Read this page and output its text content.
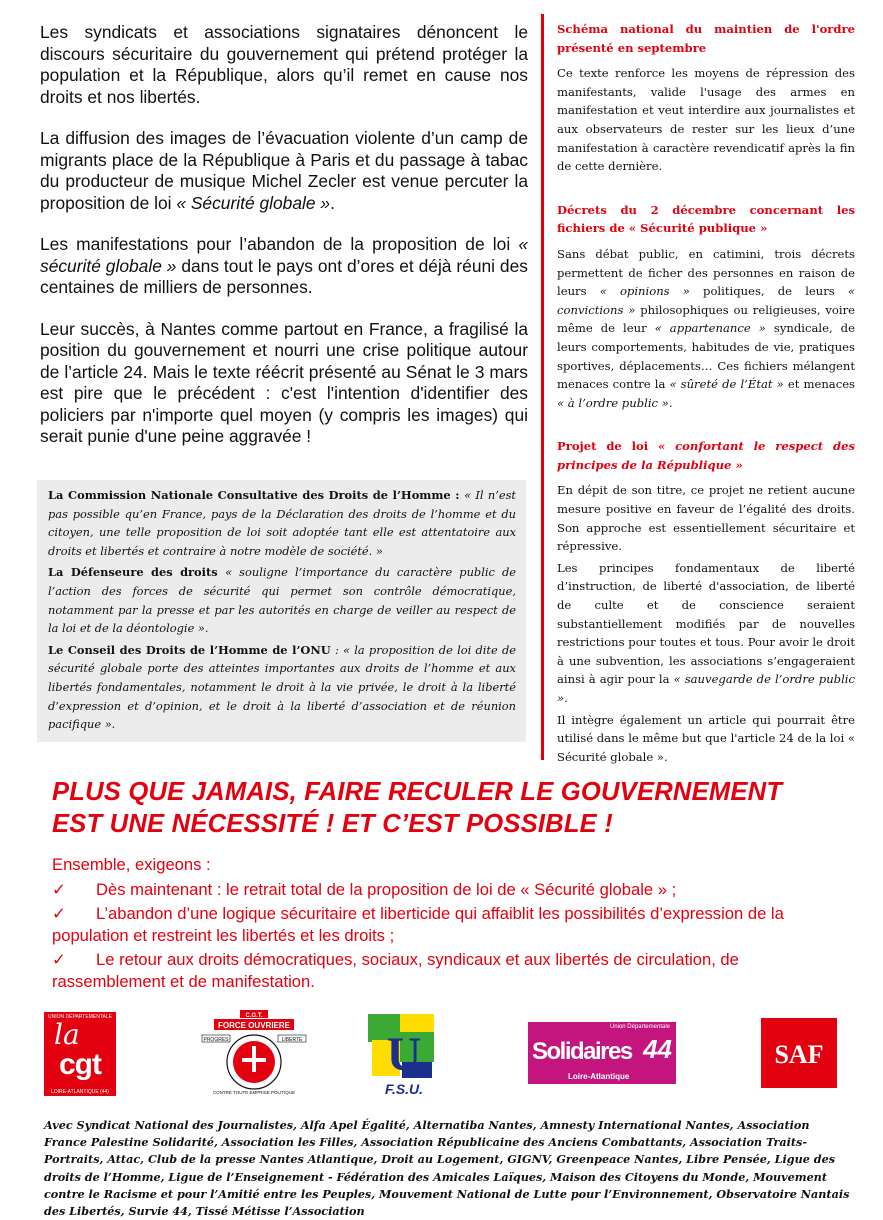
Les syndicats et associations signataires dénoncent le discours sécuritaire du gouvernement qui prétend protéger la population et la République, alors qu’il remet en cause nos droits et nos libertés.

La diffusion des images de l’évacuation violente d’un camp de migrants place de la République à Paris et du passage à tabac du producteur de musique Michel Zecler est venue percuter la proposition de loi « Sécurité globale ».

Les manifestations pour l’abandon de la proposition de loi « sécurité globale » dans tout le pays ont d’ores et déjà réuni des centaines de milliers de personnes.

Leur succès, à Nantes comme partout en France, a fragilisé la position du gouvernement et nourri une crise politique autour de l’article 24. Mais le texte réécrit présenté au Sénat le 3 mars est pire que le précédent : c'est l'intention d'identifier des policiers par n'importe quel moyen (y compris les images) qui serait punie d'une peine aggravée !

La Commission Nationale Consultative des Droits de l’Homme : « Il n’est pas possible qu’en France, pays de la Déclaration des droits de l’homme et du citoyen, une telle proposition de loi soit adoptée tant elle est attentatoire aux droits et libertés et contraire à notre modèle de société. »

La Défenseure des droits « souligne l’importance du caractère public de l’action des forces de sécurité qui permet son contrôle démocratique, notamment par la presse et par les autorités en charge de veiller au respect de la loi et de la déontologie ».

Le Conseil des Droits de l’Homme de l’ONU : « la proposition de loi dite de sécurité globale porte des atteintes importantes aux droits de l’homme et aux libertés fondamentales, notamment le droit à la vie privée, le droit à la liberté d’expression et d’opinion, et le droit à la liberté d’association et de réunion pacifique ».

Schéma national du maintien de l'ordre présenté en septembre

Ce texte renforce les moyens de répression des manifestants, valide l'usage des armes en manifestation et veut interdire aux journalistes et aux observateurs de rester sur les lieux d’une manifestation à caractère revendicatif après la fin de cette dernière.

Décrets du 2 décembre concernant les fichiers de « Sécurité publique »

Sans débat public, en catimini, trois décrets permettent de ficher des personnes en raison de leurs « opinions » politiques, de leurs « convictions » philosophiques ou religieuses, voire même de leur « appartenance » syndicale, de leurs comportements, habitudes de vie, pratiques sportives, déplacements… Ces fichiers mélangent menaces contre la « sûreté de l’État » et menaces « à l’ordre public ».

Projet de loi « confortant le respect des principes de la République »

En dépit de son titre, ce projet ne retient aucune mesure positive en faveur de l’égalité des droits. Son approche est essentiellement sécuritaire et répressive.

Les principes fondamentaux de liberté d’instruction, de liberté d'association, de liberté de culte et de conscience seraient substantiellement modifiés par de nouvelles restrictions pour toutes et tous. Pour avoir le droit à une subvention, les associations s’engageraient ainsi à agir pour la « sauvegarde de l’ordre public ».

Il intègre également un article qui pourrait être utilisé dans le même but que l'article 24 de la loi « Sécurité globale ».

PLUS QUE JAMAIS, FAIRE RECULER LE GOUVERNEMENT
EST UNE NÉCESSITÉ ! ET C’EST POSSIBLE !
Ensemble, exigeons :
✓ Dès maintenant : le retrait total de la proposition de loi de « Sécurité globale » ;
✓ L’abandon d’une logique sécuritaire et liberticide qui affaiblit les possibilités d’expression de la population et restreint les libertés et les droits ;
✓ Le retour aux droits démocratiques, sociaux, syndicaux et aux libertés de circulation, de rassemblement et de manifestation.
UNION DÉPARTEMENTALE
la
cgt
LOIRE-ATLANTIQUE (44)
C.G.T.
FORCE OUVRIERE
PROGRES	LIBERTE
CONTRE TOUTE EMPRISE POLITIQUE
U
F.S.U.
Union Départementale
Solidaires 44
Loire-Atlantique
SAF
Avec Syndicat National des Journalistes, Alfa Apel Égalité, Alternatiba Nantes, Amnesty International Nantes, Association France Palestine Solidarité, Association les Filles, Association Républicaine des Anciens Combattants, Association Traits-Portraits, Attac, Club de la presse Nantes Atlantique, Droit au Logement, GIGNV, Greenpeace Nantes, Libre Pensée, Ligue des droits de l’Homme, Ligue de l’Enseignement - Fédération des Amicales Laïques, Maison des Citoyens du Monde, Mouvement contre le Racisme et pour l’Amitié entre les Peuples, Mouvement National de Lutte pour l’Environnement, Observatoire Nantais des Libertés, Survie 44, Tissé Métisse l’Association
